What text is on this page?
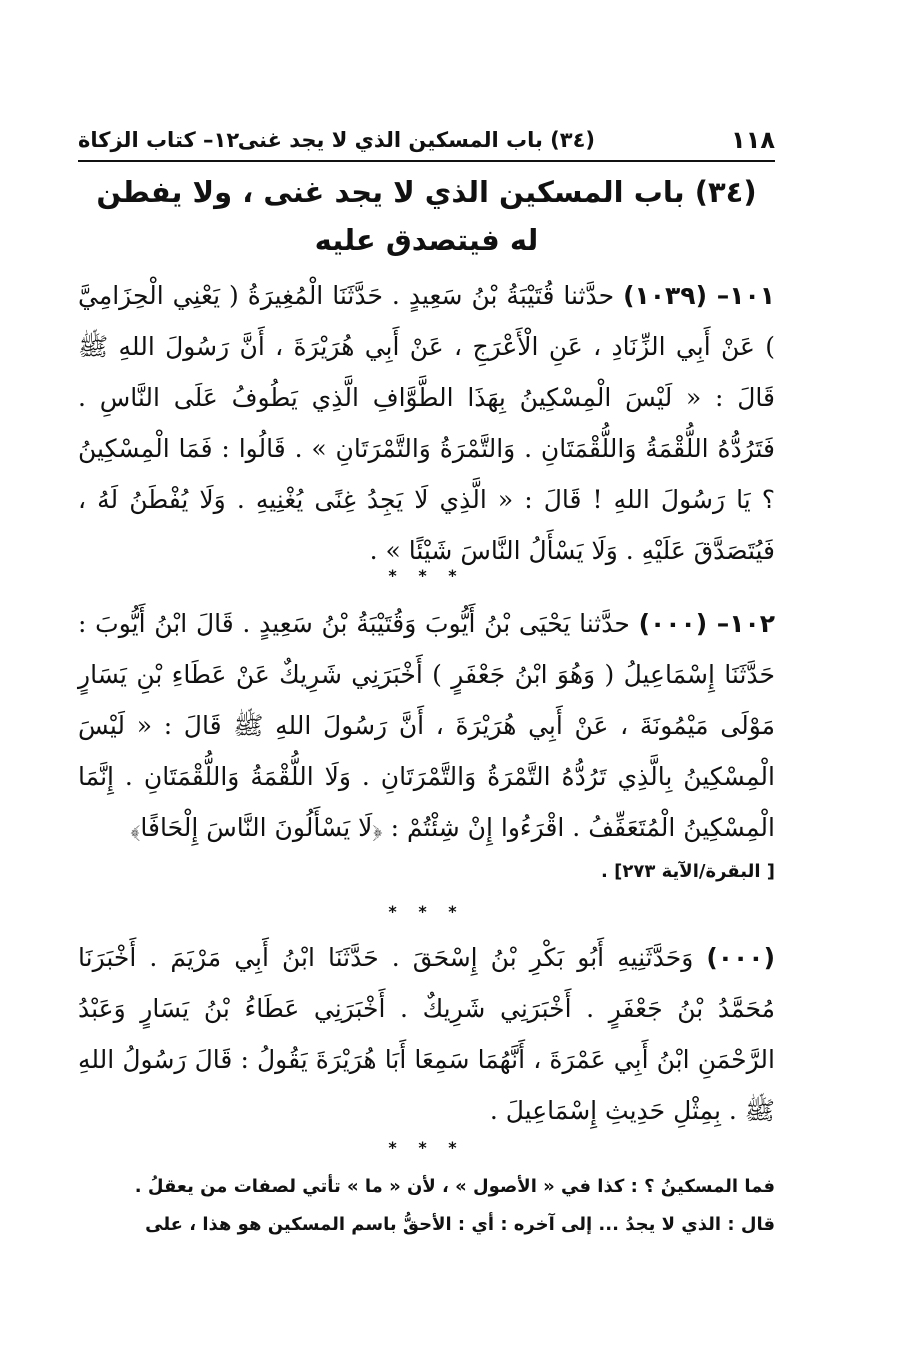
١١٨
(٣٤) باب المسكين الذي لا يجد غنى
١٢– كتاب الزكاة
(٣٤) باب المسكين الذي لا يجد غنى ، ولا يفطن
له فيتصدق عليه

١٠١– (١٠٣٩) حدَّثنا قُتَيْبَةُ بْنُ سَعِيدٍ . حَدَّثَنَا الْمُغِيرَةُ ( يَعْنِي الْحِزَامِيَّ ) عَنْ أَبِي الزِّنَادِ ، عَنِ الْأَعْرَجِ ، عَنْ أَبِي هُرَيْرَةَ ، أَنَّ رَسُولَ اللهِ ﷺ قَالَ : « لَيْسَ الْمِسْكِينُ بِهَذَا الطَّوَّافِ الَّذِي يَطُوفُ عَلَى النَّاسِ . فَتَرُدُّهُ اللُّقْمَةُ وَاللُّقْمَتَانِ . وَالتَّمْرَةُ وَالتَّمْرَتَانِ » . قَالُوا : فَمَا الْمِسْكِينُ ؟ يَا رَسُولَ اللهِ ! قَالَ : « الَّذِي لَا يَجِدُ غِنًى يُغْنِيهِ . وَلَا يُفْطَنُ لَهُ ، فَيُتَصَدَّقَ عَلَيْهِ . وَلَا يَسْأَلُ النَّاسَ شَيْئًا » .

* * *

١٠٢– (٠٠٠) حدَّثنا يَحْيَى بْنُ أَيُّوبَ وَقُتَيْبَةُ بْنُ سَعِيدٍ . قَالَ ابْنُ أَيُّوبَ : حَدَّثَنَا إِسْمَاعِيلُ ( وَهُوَ ابْنُ جَعْفَرٍ ) أَخْبَرَنِي شَرِيكٌ عَنْ عَطَاءِ بْنِ يَسَارٍ مَوْلَى مَيْمُونَةَ ، عَنْ أَبِي هُرَيْرَةَ ، أَنَّ رَسُولَ اللهِ ﷺ قَالَ : « لَيْسَ الْمِسْكِينُ بِالَّذِي تَرُدُّهُ التَّمْرَةُ وَالتَّمْرَتَانِ . وَلَا اللُّقْمَةُ وَاللُّقْمَتَانِ . إِنَّمَا الْمِسْكِينُ الْمُتَعَفِّفُ . اقْرَءُوا إِنْ شِئْتُمْ : ﴿لَا يَسْأَلُونَ النَّاسَ إِلْحَافًا﴾

[ البقرة/الآية ٢٧٣] .
* * *

(٠٠٠) وَحَدَّثَنِيهِ أَبُو بَكْرِ بْنُ إِسْحَقَ . حَدَّثَنَا ابْنُ أَبِي مَرْيَمَ . أَخْبَرَنَا مُحَمَّدُ بْنُ جَعْفَرٍ . أَخْبَرَنِي شَرِيكٌ . أَخْبَرَنِي عَطَاءُ بْنُ يَسَارٍ وَعَبْدُ الرَّحْمَنِ ابْنُ أَبِي عَمْرَةَ ، أَنَّهُمَا سَمِعَا أَبَا هُرَيْرَةَ يَقُولُ : قَالَ رَسُولُ اللهِ ﷺ . بِمِثْلِ حَدِيثِ إِسْمَاعِيلَ .

* * *

فما المسكينُ ؟ : كذا في « الأصول » ، لأن « ما » تأتي لصفات من يعقلُ .

قال : الذي لا يجدُ ... إلى آخره : أي : الأحقُّ باسم المسكين هو هذا ، على
